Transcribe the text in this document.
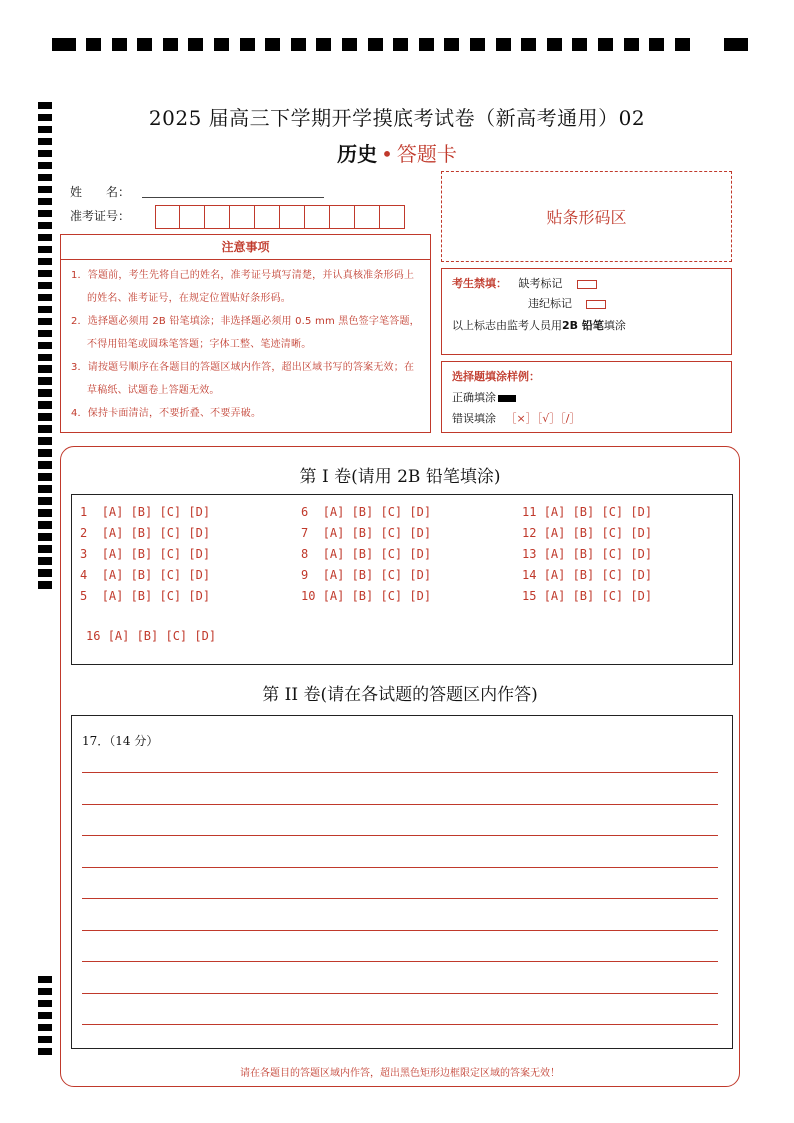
2025 届高三下学期开学摸底考试卷（新高考通用）02
历史 • 答题卡
姓　　名：
准考证号：	贴条形码区
注意事项
1．答题前，考生先将自己的姓名，准考证号填写清楚，并认真核准条形码上的姓名、准考证号，在规定位置贴好条形码。
2．选择题必须用 2B 铅笔填涂；非选择题必须用 0.5 mm 黑色签字笔答题，不得用铅笔或圆珠笔答题；字体工整、笔迹清晰。
3．请按题号顺序在各题目的答题区域内作答，超出区域书写的答案无效；在草稿纸、试题卷上答题无效。
4．保持卡面清洁，不要折叠、不要弄破。
考生禁填： 缺考标记
违纪标记
以上标志由监考人员用2B 铅笔填涂
选择题填涂样例：
正确填涂
错误填涂 ［×］［√］［/］
第 I 卷(请用 2B 铅笔填涂)
1 [A] [B] [C] [D]
2 [A] [B] [C] [D]
3 [A] [B] [C] [D]
4 [A] [B] [C] [D]
5 [A] [B] [C] [D]
6 [A] [B] [C] [D]
7 [A] [B] [C] [D]
8 [A] [B] [C] [D]
9 [A] [B] [C] [D]
10 [A] [B] [C] [D]
11 [A] [B] [C] [D]
12 [A] [B] [C] [D]
13 [A] [B] [C] [D]
14 [A] [B] [C] [D]
15 [A] [B] [C] [D]
16 [A] [B] [C] [D]
第 II 卷(请在各试题的答题区内作答)
17．（14 分）
请在各题目的答题区域内作答，超出黑色矩形边框限定区域的答案无效！
